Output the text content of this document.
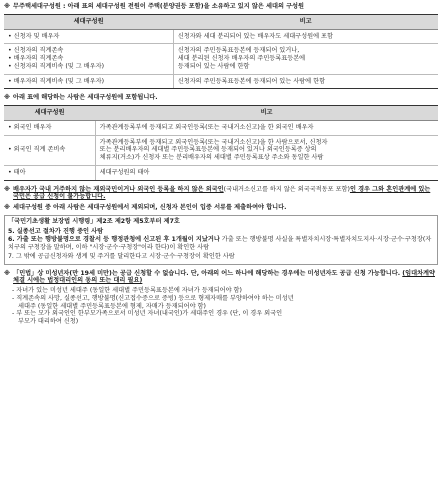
※ 무주택세대구성원 : 아래 표의 세대구성원 전원이 주택(분양권등 포함)을 소유하고 있지 않은 세대의 구성원
세대구성원	비고

• 신청자 및 배우자	신청자와 세대 분리되어 있는 배우자도 세대구성원에 포함

• 신청자의 직계존속
• 배우자의 직계존속
• 신청자의 직계비속 (및 그 배우자)	신청자의 주민등록표등본에 등재되어 있거나,
세대 분리된 신청자 배우자의 주민등록표등본에
등재되어 있는 사람에 한함

• 배우자의 직계비속 (및 그 배우자)	신청자의 주민등록표등본에 등재되어 있는 사람에 한함
※ 아래 표에 해당하는 사람은 세대구성원에 포함됩니다.
세대구성원	비고

• 외국인 배우자	가족관계등록부에 등재되고 외국인등록(또는 국내거소신고)을 한 외국인 배우자

• 외국인 직계 존비속	가족관계등록부에 등재되고 외국인등록(또는 국내거소신고)을 한 사람으로서, 신청자
또는 분리배우자의 세대별 주민등록표등본에 등재되어 있거나 외국인등록증 상의
체류지(거소)가 신청자 또는 분리배우자의 세대별 주민등록표상 주소와 동일한 사람

• 태아	세대구성원의 태아
※ 배우자가 국내 거주하지 않는 재외국민이거나 외국인 등록을 하지 않은 외국인(국내거소신고를 하지 않은 외국국적동포 포함)인 경우 그와 혼인관계에 있는 국민은 공급 신청이 불가능합니다.
※ 세대구성원 중 아래 사람은 세대구성원에서 제외되며, 신청자 본인이 입증 서류를 제출하여야 합니다.
「국민기초생활 보장법 시행령」제2조 제2항 제5호부터 제7호
5. 실종선고 절차가 진행 중인 사람
6. 가출 또는 행방불명으로 경찰서 등 행정관청에 신고된 후 1개월이 지났거나 가출 또는 행방불명 사실을 특별자치시장·특별자치도지사·시장·군수·구청장(자치구의 구청장을 말하며, 이하 "시장·군수·구청장"이라 한다)이 확인한 사람
7. 그 밖에 공급신청자와 생계 및 주거를 달리한다고 시장·군수·구청장이 확인한 사람
※ 「민법」상 미성년자(만 19세 미만)는 공급 신청할 수 없습니다. 단, 아래의 어느 하나에 해당하는 경우에는 미성년자도 공급 신청 가능합니다. (임대차계약 체결 시에는 법정대리인의 동의 또는 대리 필요)
- 자녀가 있는 미성년 세대주 (동일한 세대별 주민등록표등본에 자녀가 등재되어야 함)
- 직계존속의 사망, 실종선고, 행방불명(신고접수증으로 증빙) 등으로 형제자매를 부양하여야 하는 미성년
세대주 (동일한 세대별 주민등록표등본에 형제, 자매가 등재되어야 함)
- 부 또는 모가 외국인인 한부모가족으로서 미성년 자녀(내국인)가 세대주인 경우 (단, 이 경우 외국인
부모가 대리하여 신청)
